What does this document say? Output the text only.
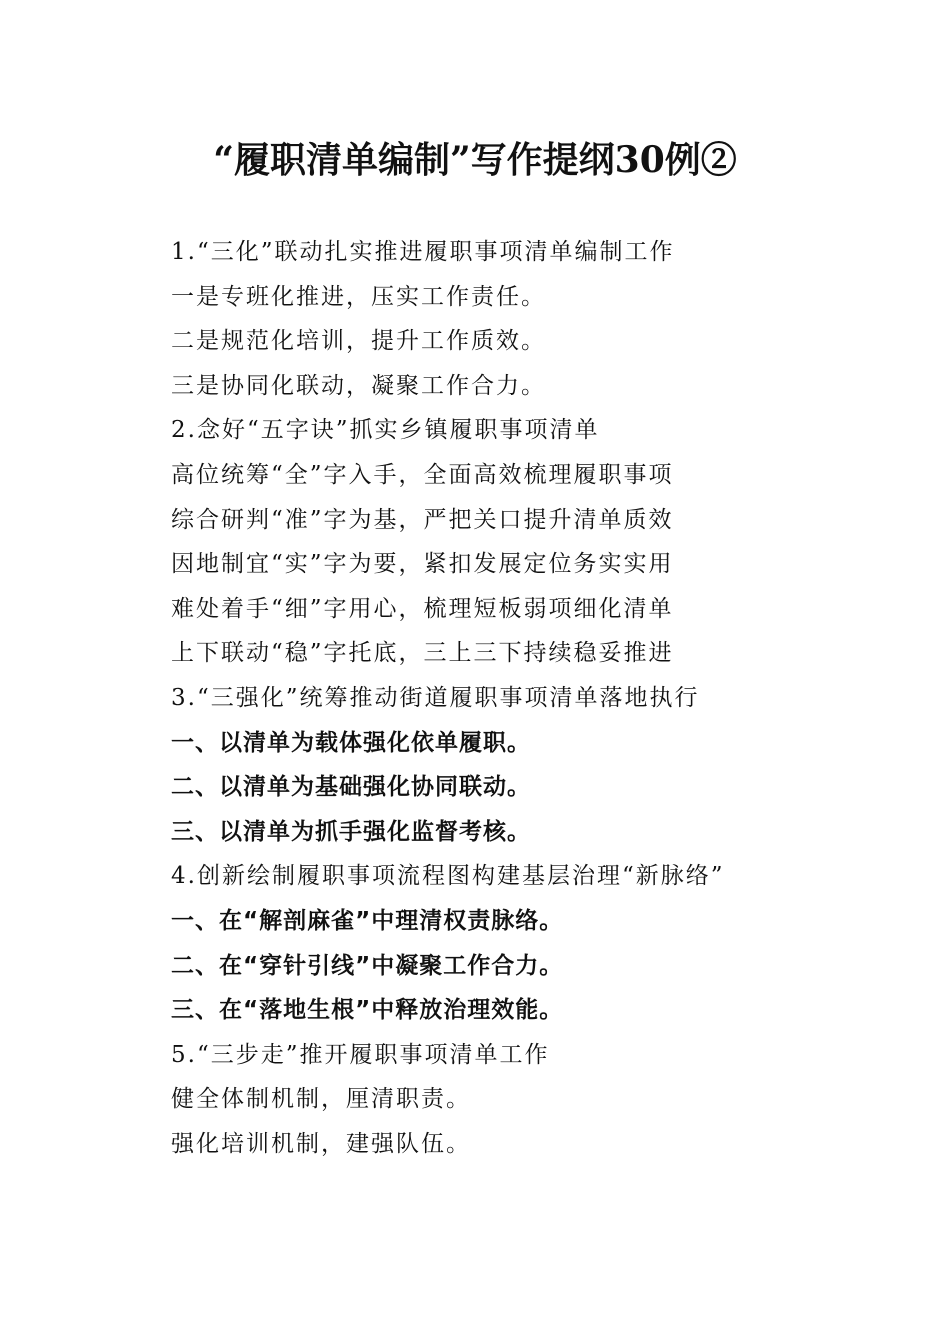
“履职清单编制”写作提纲30例②
1.“三化”联动扎实推进履职事项清单编制工作
一是专班化推进，压实工作责任。
二是规范化培训，提升工作质效。
三是协同化联动，凝聚工作合力。
2.念好“五字诀”抓实乡镇履职事项清单
高位统筹“全”字入手，全面高效梳理履职事项
综合研判“准”字为基，严把关口提升清单质效
因地制宜“实”字为要，紧扣发展定位务实实用
难处着手“细”字用心，梳理短板弱项细化清单
上下联动“稳”字托底，三上三下持续稳妥推进
3.“三强化”统筹推动街道履职事项清单落地执行
一、以清单为载体强化依单履职。
二、以清单为基础强化协同联动。
三、以清单为抓手强化监督考核。
4.创新绘制履职事项流程图构建基层治理“新脉络”
一、在“解剖麻雀”中理清权责脉络。
二、在“穿针引线”中凝聚工作合力。
三、在“落地生根”中释放治理效能。
5.“三步走”推开履职事项清单工作
健全体制机制，厘清职责。
强化培训机制，建强队伍。
